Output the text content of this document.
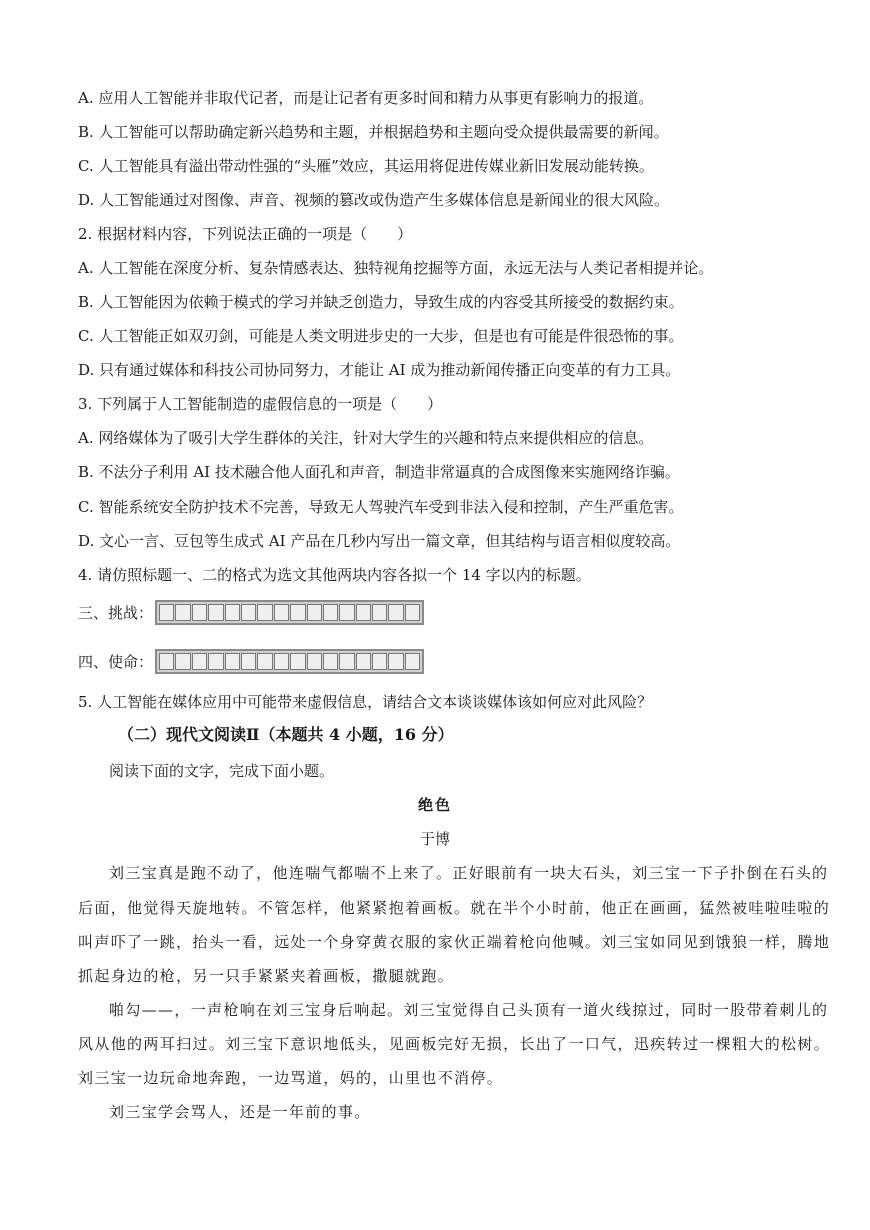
A. 应用人工智能并非取代记者，而是让记者有更多时间和精力从事更有影响力的报道。
B. 人工智能可以帮助确定新兴趋势和主题，并根据趋势和主题向受众提供最需要的新闻。
C. 人工智能具有溢出带动性强的“头雁”效应，其运用将促进传媒业新旧发展动能转换。
D. 人工智能通过对图像、声音、视频的篡改或伪造产生多媒体信息是新闻业的很大风险。
2. 根据材料内容，下列说法正确的一项是（　　）
A. 人工智能在深度分析、复杂情感表达、独特视角挖掘等方面，永远无法与人类记者相提并论。
B. 人工智能因为依赖于模式的学习并缺乏创造力，导致生成的内容受其所接受的数据约束。
C. 人工智能正如双刃剑，可能是人类文明进步史的一大步，但是也有可能是件很恐怖的事。
D. 只有通过媒体和科技公司协同努力，才能让 AI 成为推动新闻传播正向变革的有力工具。
3. 下列属于人工智能制造的虚假信息的一项是（　　）
A. 网络媒体为了吸引大学生群体的关注，针对大学生的兴趣和特点来提供相应的信息。
B. 不法分子利用 AI 技术融合他人面孔和声音，制造非常逼真的合成图像来实施网络诈骗。
C. 智能系统安全防护技术不完善，导致无人驾驶汽车受到非法入侵和控制，产生严重危害。
D. 文心一言、豆包等生成式 AI 产品在几秒内写出一篇文章，但其结构与语言相似度较高。
4. 请仿照标题一、二的格式为选文其他两块内容各拟一个 14 字以内的标题。
三、挑战：
四、使命：
5. 人工智能在媒体应用中可能带来虚假信息，请结合文本谈谈媒体该如何应对此风险？
（二）现代文阅读Ⅱ（本题共 4 小题，16 分）
阅读下面的文字，完成下面小题。
绝色
于博
刘三宝真是跑不动了，他连喘气都喘不上来了。正好眼前有一块大石头，刘三宝一下子扑倒在石头的
后面，他觉得天旋地转。不管怎样，他紧紧抱着画板。就在半个小时前，他正在画画，猛然被哇啦哇啦的
叫声吓了一跳，抬头一看，远处一个身穿黄衣服的家伙正端着枪向他喊。刘三宝如同见到饿狼一样，腾地
抓起身边的枪，另一只手紧紧夹着画板，撒腿就跑。
啪勾——，一声枪响在刘三宝身后响起。刘三宝觉得自己头顶有一道火线掠过，同时一股带着刺儿的
风从他的两耳扫过。刘三宝下意识地低头，见画板完好无损，长出了一口气，迅疾转过一棵粗大的松树。
刘三宝一边玩命地奔跑，一边骂道，妈的，山里也不消停。
刘三宝学会骂人，还是一年前的事。
